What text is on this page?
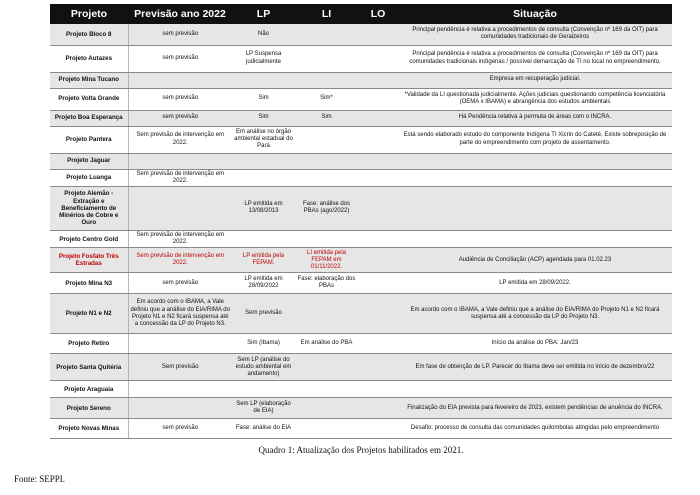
Projeto	Previsão ano 2022	LP	LI	LO	Situação
Projeto Bloco 8	sem previsão	Não			Principal pendência é relativa a procedimentos de consulta (Convenção nº 169 da OIT) para comunidades tradicionais de Geraizeiros
Projeto Autazes	sem previsão	LP Suspensa judicialmente			Principal pendência é relativa a procedimentos de consulta (Convenção nº 169 da OIT) para comunidades tradicionais indígenas / possível demarcação de TI no local no empreendimento.
Projeto Mina Tucano					Empresa em recuperação judicial.
Projeto Volta Grande	sem previsão	Sim	Sim*		*Validade da LI questionada judicialmente. Ações judiciais questionando competência licenciatória (OEMA x IBAMA) e abrangência dos estudos ambientais
Projeto Boa Esperança	sem previsão	Sim	Sim		Há Pendência relativa à permuta de áreas com o INCRA.
Projeto Pantera	Sem previsão de intervenção em 2022.	Em análise no órgão ambiental estadual do Pará			Está sendo elaborado estudo do componente Indígena TI Xicrin do Cateté. Existe sobreposição de parte do empreendimento com projeto de assentamento.
Projeto Jaguar					
Projeto Luanga	Sem previsão de intervenção em 2022.				
Projeto Alemão - Extração e Beneficiamento de Minérios de Cobre e Ouro		LP emitida em 13/08/2013	Fase: análise dos PBAs (ago/2022)		
Projeto Centro Gold	Sem previsão de intervenção em 2022.				
Projeto Fosfato Três Estradas	Sem previsão de intervenção em 2022.	LP emitida pela FEPAM.	LI emitida pela FEPAM em 01/11/2022.		Audiência de Conciliação (ACP) agendada para 01.02.23
Projeto Mina N3	sem previsão	LP emitida em 28/09/2022	Fase: elaboração dos PBAs		LP emitida em 28/09/2022.
Projeto N1 e N2	Em acordo com o IBAMA, a Vale definiu que a análise do EIA/RIMA do Projeto N1 e N2 ficará suspensa até a concessão da LP do Projeto N3.	Sem previsão			Em acordo com o IBAMA, a Vale definiu que a análise do EIA/RIMA do Projeto N1 e N2 ficará suspensa até a concessão da LP do Projeto N3.
Projeto Retiro		Sim (Ibama)	Em análise do PBA		Início da análise do PBA: Jan/23
Projeto Santa Quitéria	Sem previsão	Sem LP (análise do estudo ambiental em andamento)			Em fase de obtenção de LP. Parecer do Ibama deve ser emitida no início de dezembro/22
Projeto Araguaia					
Projeto Sereno		Sem LP (elaboração de EIA)			Finalização do EIA prevista para fevereiro de 2023, existem pendências de anuência do INCRA.
Projeto Novas Minas	sem previsão	Fase: análise do EIA			Desafio: processo de consulta das comunidades quilombolas atingidas pelo empreendimento
Quadro 1: Atualização dos Projetos habilitados em 2021.
Fonte: SEPPI.
